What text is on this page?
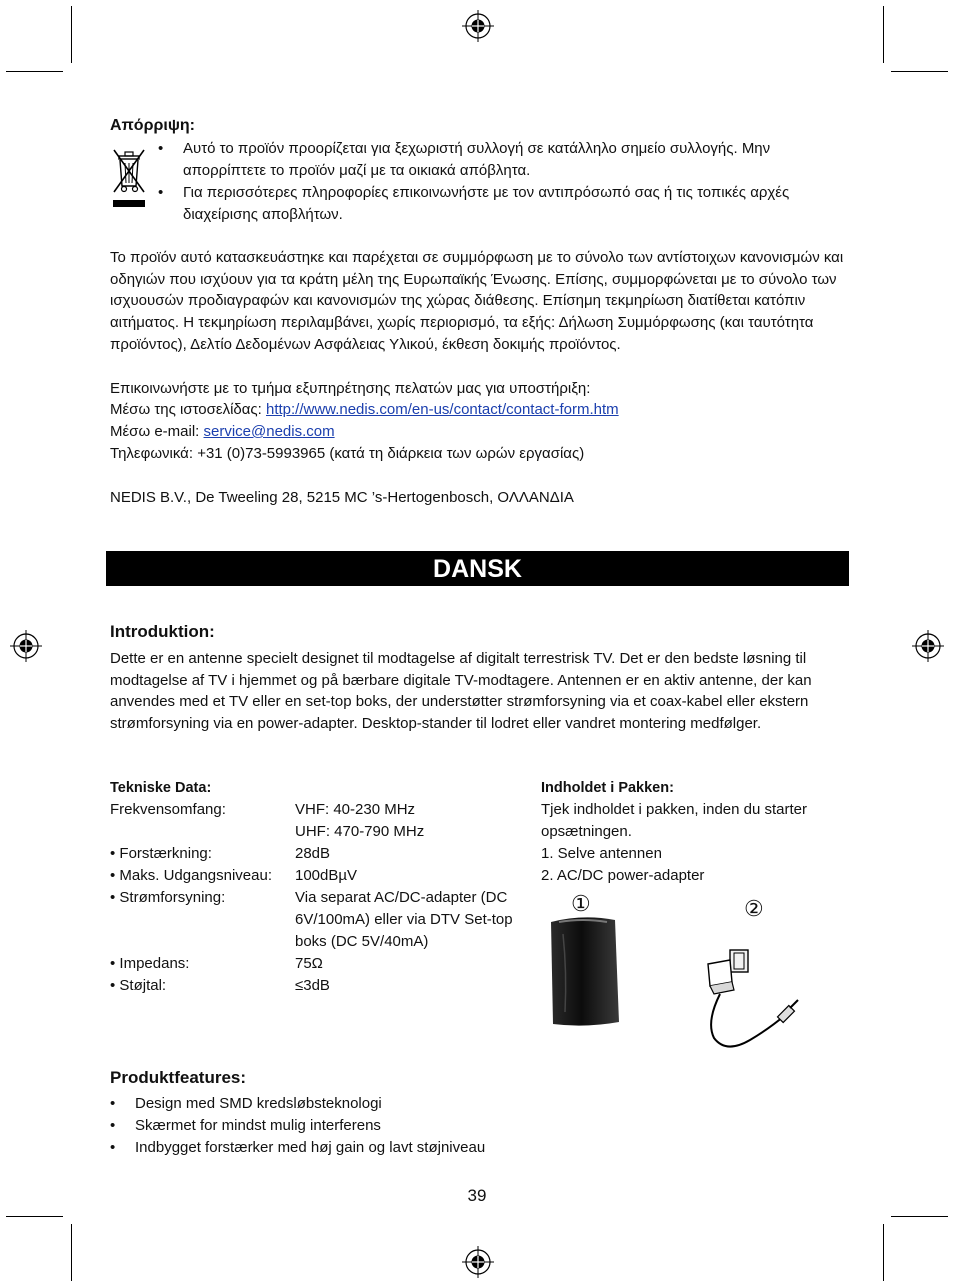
Απόρριψη:
• Αυτό το προϊόν προορίζεται για ξεχωριστή συλλογή σε κατάλληλο σημείο συλλογής. Μην απορρίπτετε το προϊόν μαζί με τα οικιακά απόβλητα.
• Για περισσότερες πληροφορίες επικοινωνήστε με τον αντιπρόσωπό σας ή τις τοπικές αρχές διαχείρισης αποβλήτων.
Το προϊόν αυτό κατασκευάστηκε και παρέχεται σε συμμόρφωση με το σύνολο των αντίστοιχων κανονισμών και οδηγιών που ισχύουν για τα κράτη μέλη της Ευρωπαϊκής Ένωσης. Επίσης, συμμορφώνεται με το σύνολο των ισχυουσών προδιαγραφών και κανονισμών της χώρας διάθεσης. Επίσημη τεκμηρίωση διατίθεται κατόπιν αιτήματος. Η τεκμηρίωση περιλαμβάνει, χωρίς περιορισμό, τα εξής: Δήλωση Συμμόρφωσης (και ταυτότητα προϊόντος), Δελτίο Δεδομένων Ασφάλειας Υλικού, έκθεση δοκιμής προϊόντος.
Επικοινωνήστε με το τμήμα εξυπηρέτησης πελατών μας για υποστήριξη:
Μέσω της ιστοσελίδας: http://www.nedis.com/en-us/contact/contact-form.htm
Μέσω e-mail: service@nedis.com
Τηλεφωνικά: +31 (0)73-5993965 (κατά τη διάρκεια των ωρών εργασίας)
NEDIS B.V., De Tweeling 28, 5215 MC ’s-Hertogenbosch, ΟΛΛΑΝΔΙΑ
DANSK
Introduktion:
Dette er en antenne specielt designet til modtagelse af digitalt terrestrisk TV. Det er den bedste løsning til modtagelse af TV i hjemmet og på bærbare digitale TV-modtagere. Antennen er en aktiv antenne, der kan anvendes med et TV eller en set-top boks, der understøtter strømforsyning via et coax-kabel eller ekstern strømforsyning via en power-adapter. Desktop-stander til lodret eller vandret montering medfølger.
Tekniske Data:
Frekvensomfang:	VHF: 40-230 MHz
UHF: 470-790 MHz
• Forstærkning:	28dB
• Maks. Udgangsniveau: 100dBµV
• Strømforsyning:	Via separat AC/DC-adapter (DC 6V/100mA) eller via DTV Set-top boks (DC 5V/40mA)
• Impedans:	75Ω
• Støjtal:	≤3dB
Indholdet i Pakken:
Tjek indholdet i pakken, inden du starter opsætningen.
1. Selve antennen
2. AC/DC power-adapter
①	②
Produktfeatures:
• Design med SMD kredsløbsteknologi
• Skærmet for mindst mulig interferens
• Indbygget forstærker med høj gain og lavt støjniveau
39
